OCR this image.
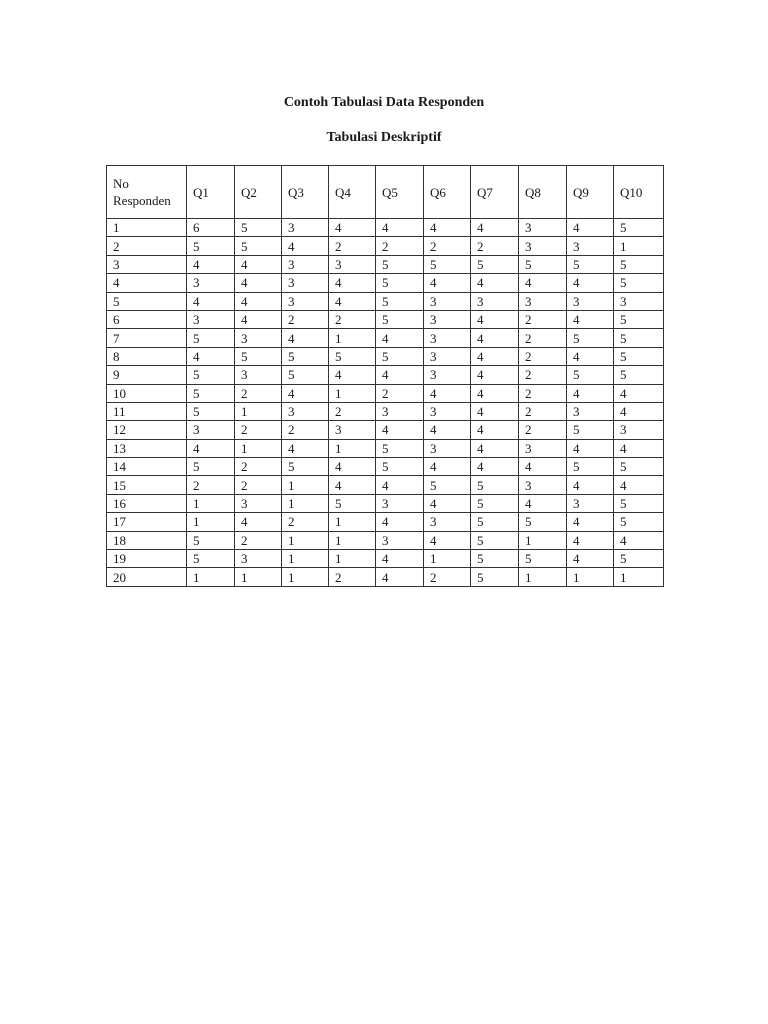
Contoh Tabulasi Data Responden
Tabulasi Deskriptif
No
Responden	Q1	Q2	Q3	Q4	Q5	Q6	Q7	Q8	Q9	Q10
1	6	5	3	4	4	4	4	3	4	5
2	5	5	4	2	2	2	2	3	3	1
3	4	4	3	3	5	5	5	5	5	5
4	3	4	3	4	5	4	4	4	4	5
5	4	4	3	4	5	3	3	3	3	3
6	3	4	2	2	5	3	4	2	4	5
7	5	3	4	1	4	3	4	2	5	5
8	4	5	5	5	5	3	4	2	4	5
9	5	3	5	4	4	3	4	2	5	5
10	5	2	4	1	2	4	4	2	4	4
11	5	1	3	2	3	3	4	2	3	4
12	3	2	2	3	4	4	4	2	5	3
13	4	1	4	1	5	3	4	3	4	4
14	5	2	5	4	5	4	4	4	5	5
15	2	2	1	4	4	5	5	3	4	4
16	1	3	1	5	3	4	5	4	3	5
17	1	4	2	1	4	3	5	5	4	5
18	5	2	1	1	3	4	5	1	4	4
19	5	3	1	1	4	1	5	5	4	5
20	1	1	1	2	4	2	5	1	1	1
